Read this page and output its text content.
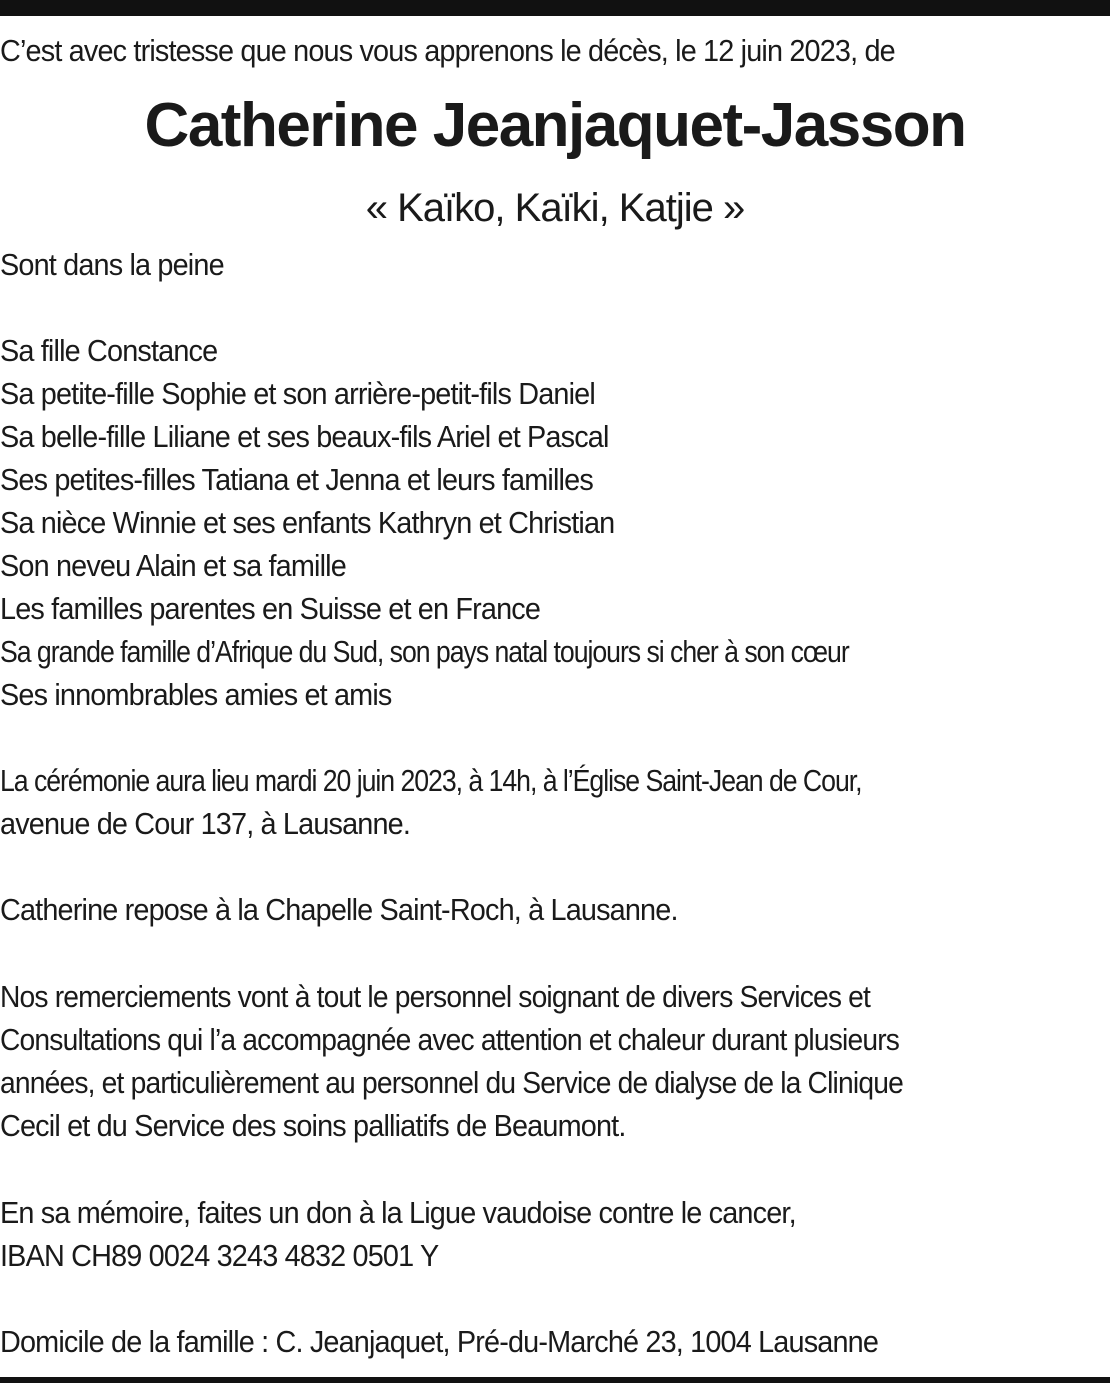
C’est avec tristesse que nous vous apprenons le décès, le 12 juin 2023, de
Catherine Jeanjaquet-Jasson
« Kaïko, Kaïki, Katjie »
Sont dans la peine
Sa fille Constance
Sa petite-fille Sophie et son arrière-petit-fils Daniel
Sa belle-fille Liliane et ses beaux-fils Ariel et Pascal
Ses petites-filles Tatiana et Jenna et leurs familles
Sa nièce Winnie et ses enfants Kathryn et Christian
Son neveu Alain et sa famille
Les familles parentes en Suisse et en France
Sa grande famille d’Afrique du Sud, son pays natal toujours si cher à son cœur
Ses innombrables amies et amis
La cérémonie aura lieu mardi 20 juin 2023, à 14h, à l’Église Saint-Jean de Cour,
avenue de Cour 137, à Lausanne.
Catherine repose à la Chapelle Saint-Roch, à Lausanne.
Nos remerciements vont à tout le personnel soignant de divers Services et
Consultations qui l’a accompagnée avec attention et chaleur durant plusieurs
années, et particulièrement au personnel du Service de dialyse de la Clinique
Cecil et du Service des soins palliatifs de Beaumont.
En sa mémoire, faites un don à la Ligue vaudoise contre le cancer,
IBAN CH89 0024 3243 4832 0501 Y
Domicile de la famille : C. Jeanjaquet, Pré-du-Marché 23, 1004 Lausanne
